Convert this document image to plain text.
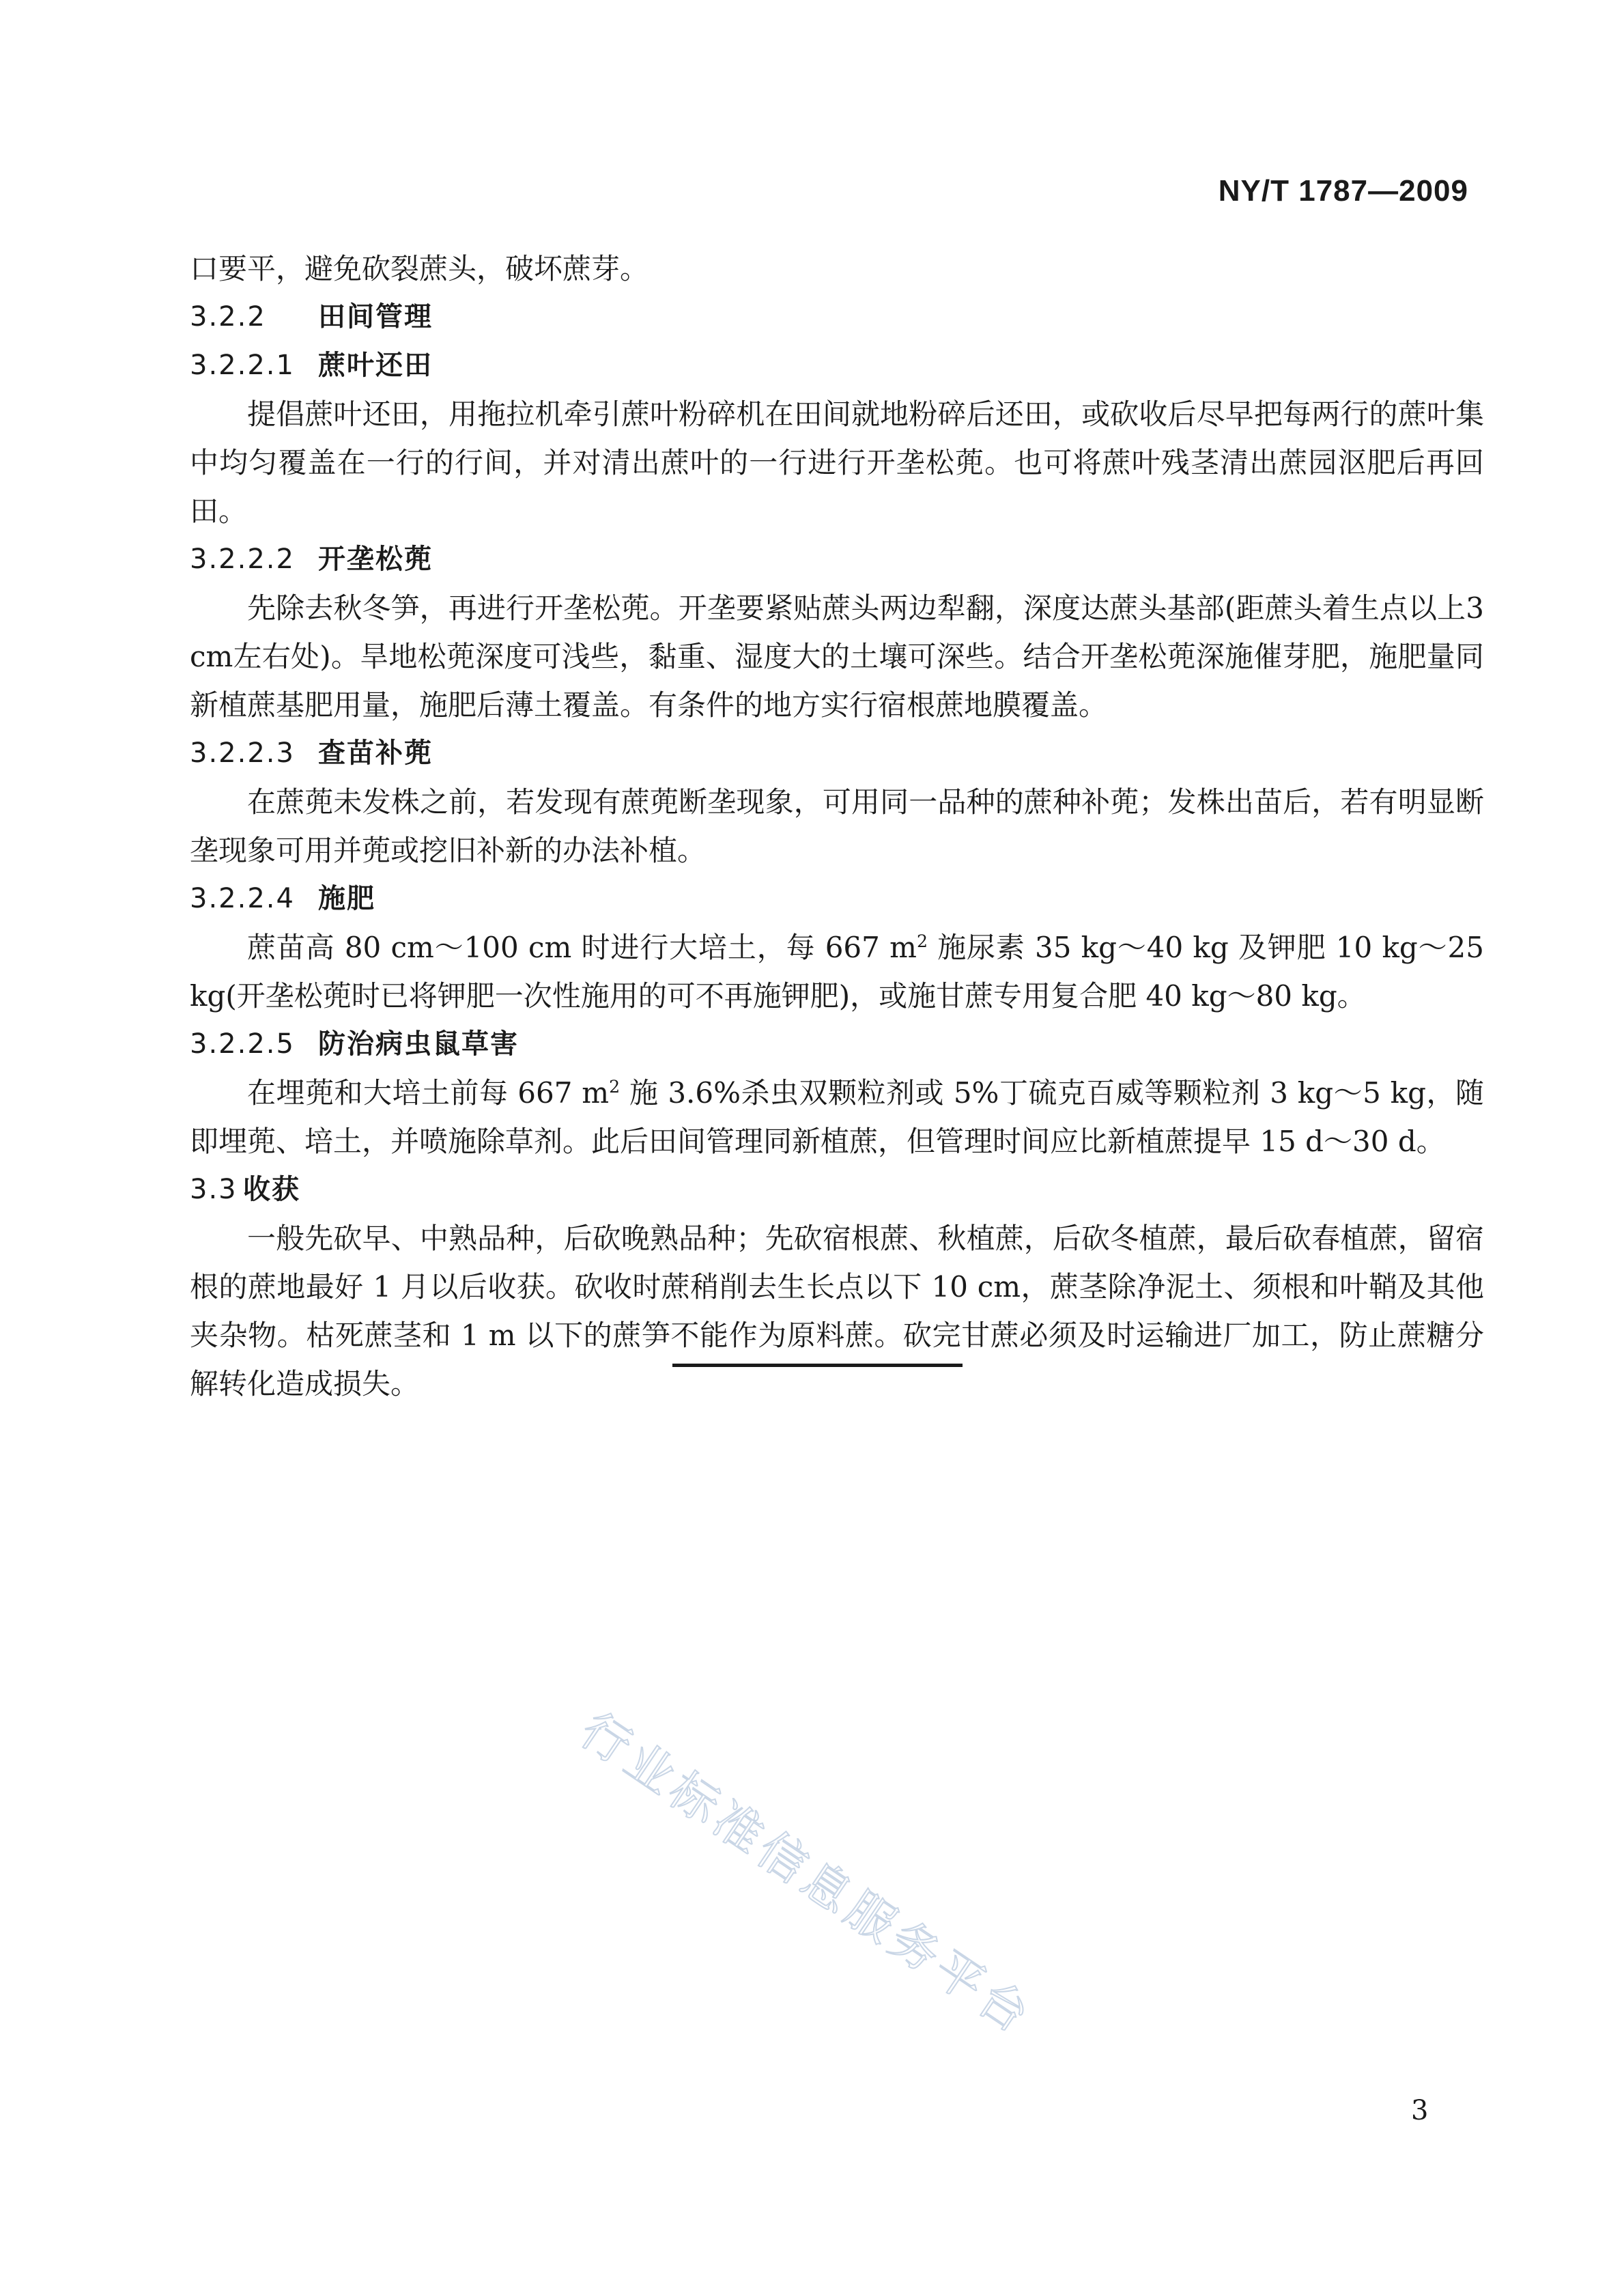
NY/T 1787—2009

口要平，避免砍裂蔗头，破坏蔗芽。

3.2.2 田间管理
3.2.2.1 蔗叶还田

提倡蔗叶还田，用拖拉机牵引蔗叶粉碎机在田间就地粉碎后还田，或砍收后尽早把每两行的蔗叶集中均匀覆盖在一行的行间，并对清出蔗叶的一行进行开垄松蔸。也可将蔗叶残茎清出蔗园沤肥后再回田。

3.2.2.2 开垄松蔸

先除去秋冬笋，再进行开垄松蔸。开垄要紧贴蔗头两边犁翻，深度达蔗头基部(距蔗头着生点以上3 cm左右处)。旱地松蔸深度可浅些，黏重、湿度大的土壤可深些。结合开垄松蔸深施催芽肥，施肥量同新植蔗基肥用量，施肥后薄土覆盖。有条件的地方实行宿根蔗地膜覆盖。

3.2.2.3 查苗补蔸

在蔗蔸未发株之前，若发现有蔗蔸断垄现象，可用同一品种的蔗种补蔸；发株出苗后，若有明显断垄现象可用并蔸或挖旧补新的办法补植。

3.2.2.4 施肥

蔗苗高 80 cm～100 cm 时进行大培土，每 667 $m^2$ 施尿素 35 kg～40 kg 及钾肥 10 kg～25 kg(开垄松蔸时已将钾肥一次性施用的可不再施钾肥)，或施甘蔗专用复合肥 40 kg～80 kg。

3.2.2.5 防治病虫鼠草害

在埋蔸和大培土前每 667 $m^2$ 施 3.6%杀虫双颗粒剂或 5%丁硫克百威等颗粒剂 3 kg～5 kg，随即埋蔸、培土，并喷施除草剂。此后田间管理同新植蔗，但管理时间应比新植蔗提早 15 d～30 d。

3.3 收获

一般先砍早、中熟品种，后砍晚熟品种；先砍宿根蔗、秋植蔗，后砍冬植蔗，最后砍春植蔗，留宿根的蔗地最好 1 月以后收获。砍收时蔗稍削去生长点以下 10 cm，蔗茎除净泥土、须根和叶鞘及其他夹杂物。枯死蔗茎和 1 m 以下的蔗笋不能作为原料蔗。砍完甘蔗必须及时运输进厂加工，防止蔗糖分解转化造成损失。

行业标准信息服务平台
3
